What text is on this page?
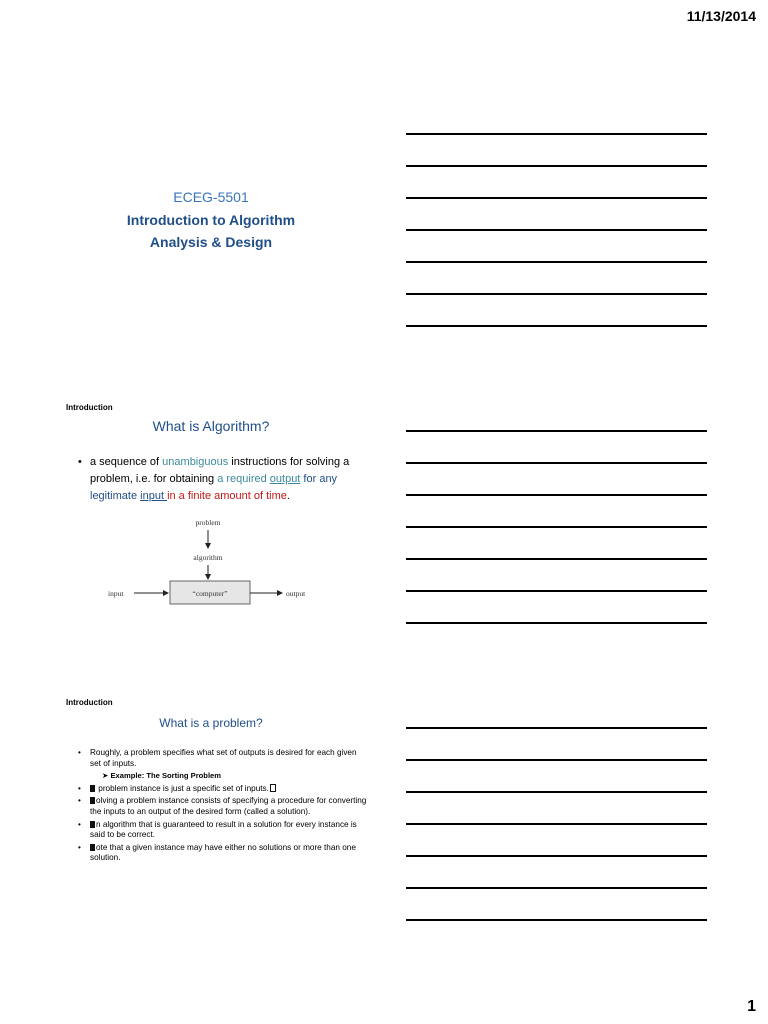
11/13/2014
ECEG-5501
Introduction to Algorithm
Analysis & Design
Introduction
What is Algorithm?
• a sequence of unambiguous instructions for solving a problem, i.e. for obtaining a required output for any legitimate input in a finite amount of time.
problem
algorithm
“computer”
input	output
Introduction
What is a problem?
• Roughly, a problem specifies what set of outputs is desired for each given set of inputs.
➤ Example: The Sorting Problem
• problem instance is just a specific set of inputs.
• olving a problem instance consists of specifying a procedure for converting the inputs to an output of the desired form (called a solution).
• n algorithm that is guaranteed to result in a solution for every instance is said to be correct.
• ote that a given instance may have either no solutions or more than one solution.
1
